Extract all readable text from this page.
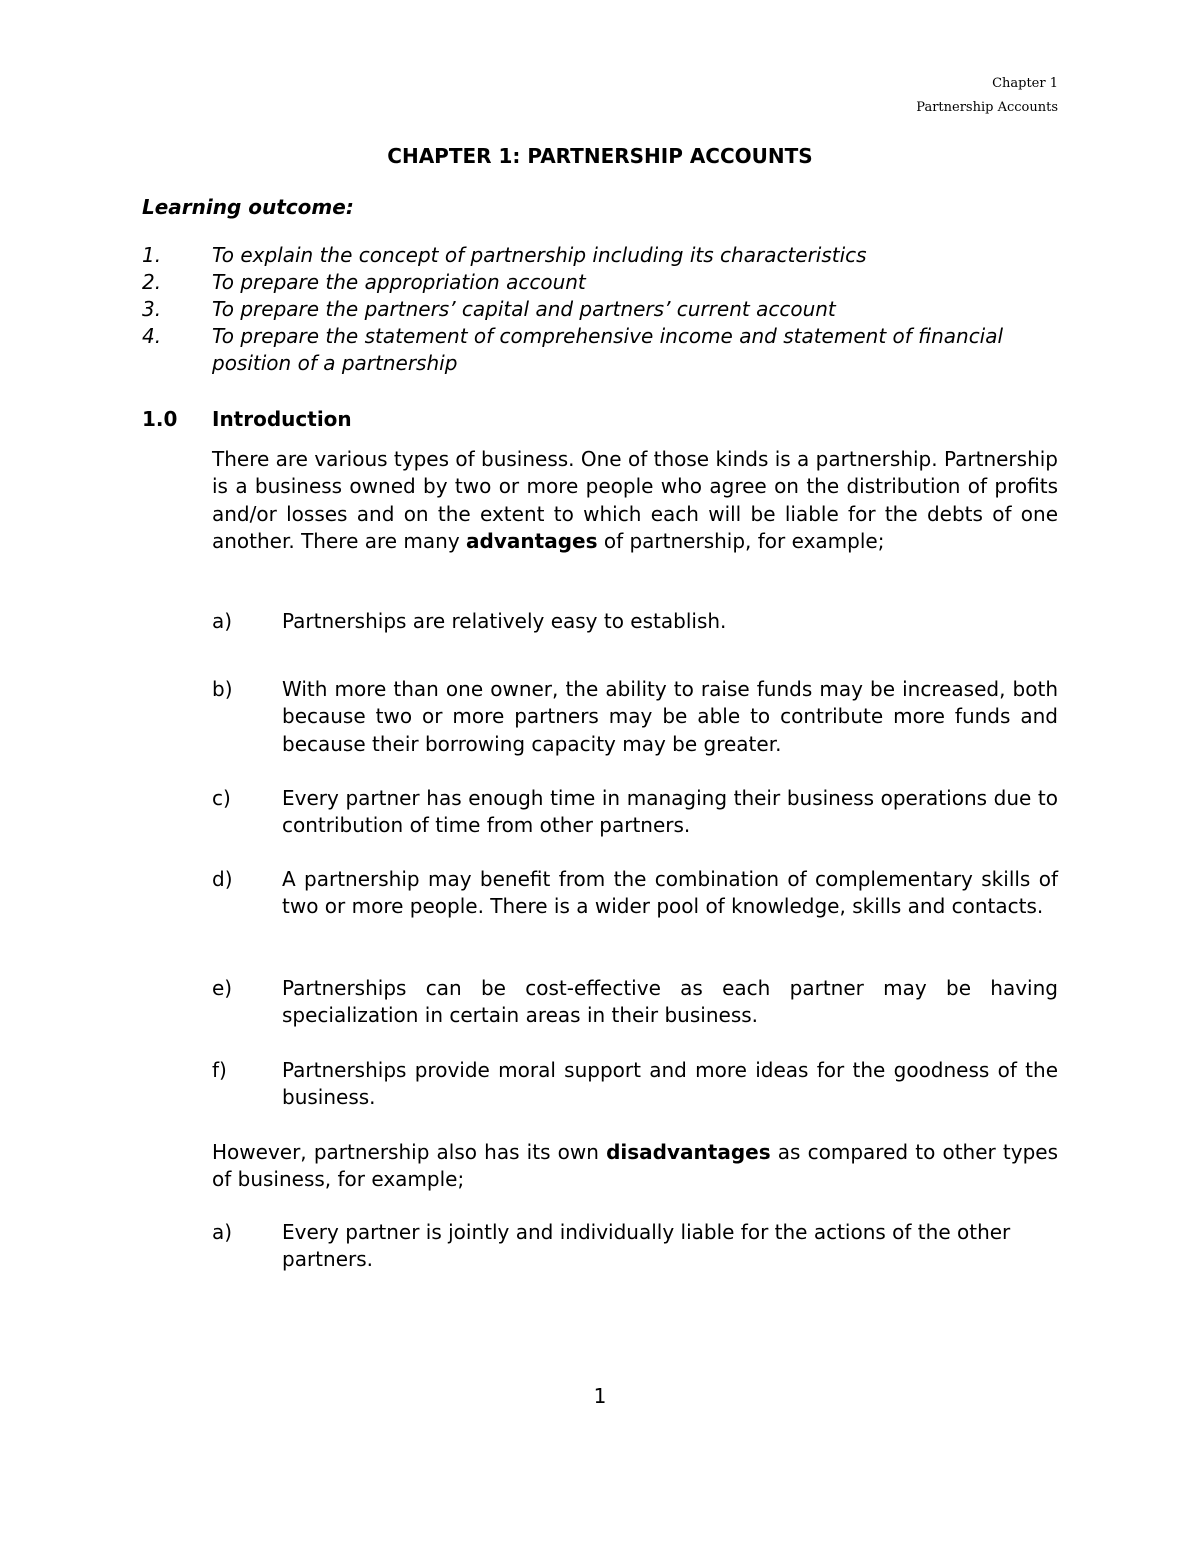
Chapter 1
Partnership Accounts
CHAPTER 1: PARTNERSHIP ACCOUNTS
Learning outcome:
1.	To explain the concept of partnership including its characteristics
2.	To prepare the appropriation account
3.	To prepare the partners’ capital and partners’ current account
4.	To prepare the statement of comprehensive income and statement of financial position of a partnership
1.0	Introduction
There are various types of business. One of those kinds is a partnership. Partnership is a business owned by two or more people who agree on the distribution of profits and/or losses and on the extent to which each will be liable for the debts of one another. There are many advantages of partnership, for example;
a)	Partnerships are relatively easy to establish.
b)	With more than one owner, the ability to raise funds may be increased, both because two or more partners may be able to contribute more funds and because their borrowing capacity may be greater.
c)	Every partner has enough time in managing their business operations due to contribution of time from other partners.
d)	A partnership may benefit from the combination of complementary skills of two or more people. There is a wider pool of knowledge, skills and contacts.
e)	Partnerships can be cost-effective as each partner may be having specialization in certain areas in their business.
f)	Partnerships provide moral support and more ideas for the goodness of the business.
However, partnership also has its own disadvantages as compared to other types of business, for example;
a)	Every partner is jointly and individually liable for the actions of the other partners.
1
